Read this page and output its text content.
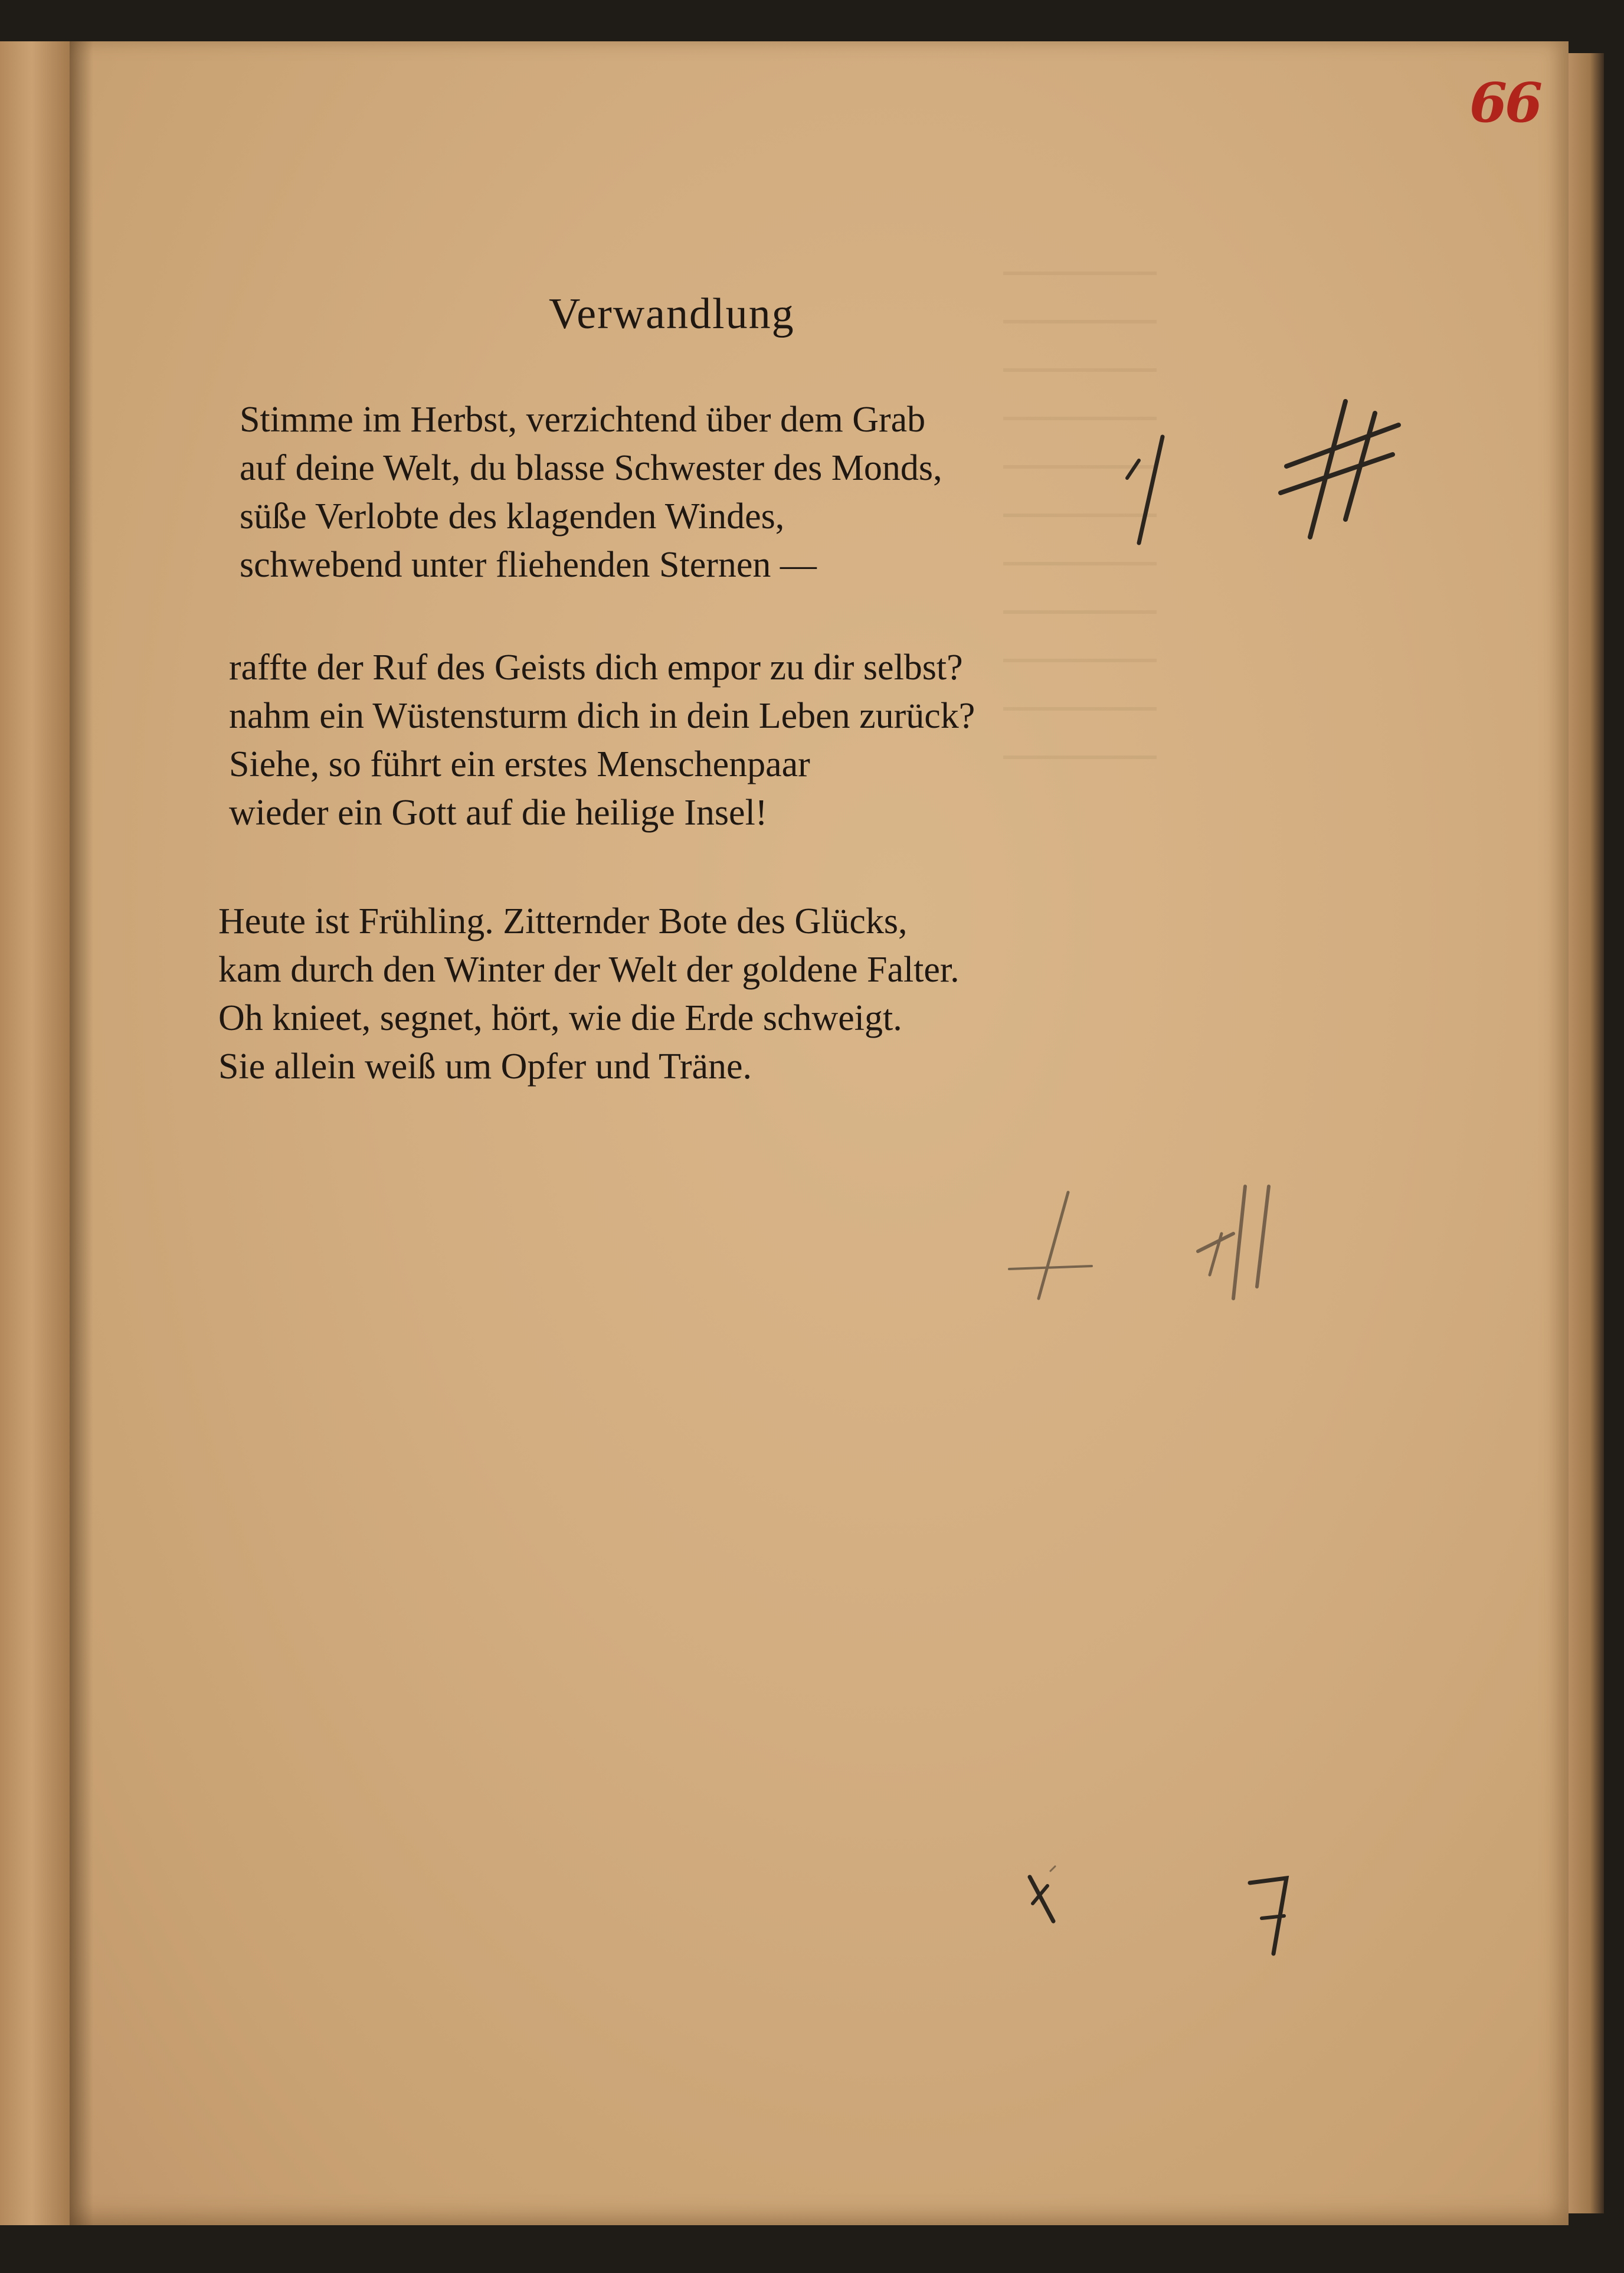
66
Verwandlung
Stimme im Herbst, verzichtend über dem Grab
auf deine Welt, du blasse Schwester des Monds,
süße Verlobte des klagenden Windes,
schwebend unter fliehenden Sternen —
raffte der Ruf des Geists dich empor zu dir selbst?
nahm ein Wüstensturm dich in dein Leben zurück?
Siehe, so führt ein erstes Menschenpaar
wieder ein Gott auf die heilige Insel!
Heute ist Frühling. Zitternder Bote des Glücks,
kam durch den Winter der Welt der goldene Falter.
Oh knieet, segnet, hört, wie die Erde schweigt.
Sie allein weiß um Opfer und Träne.
